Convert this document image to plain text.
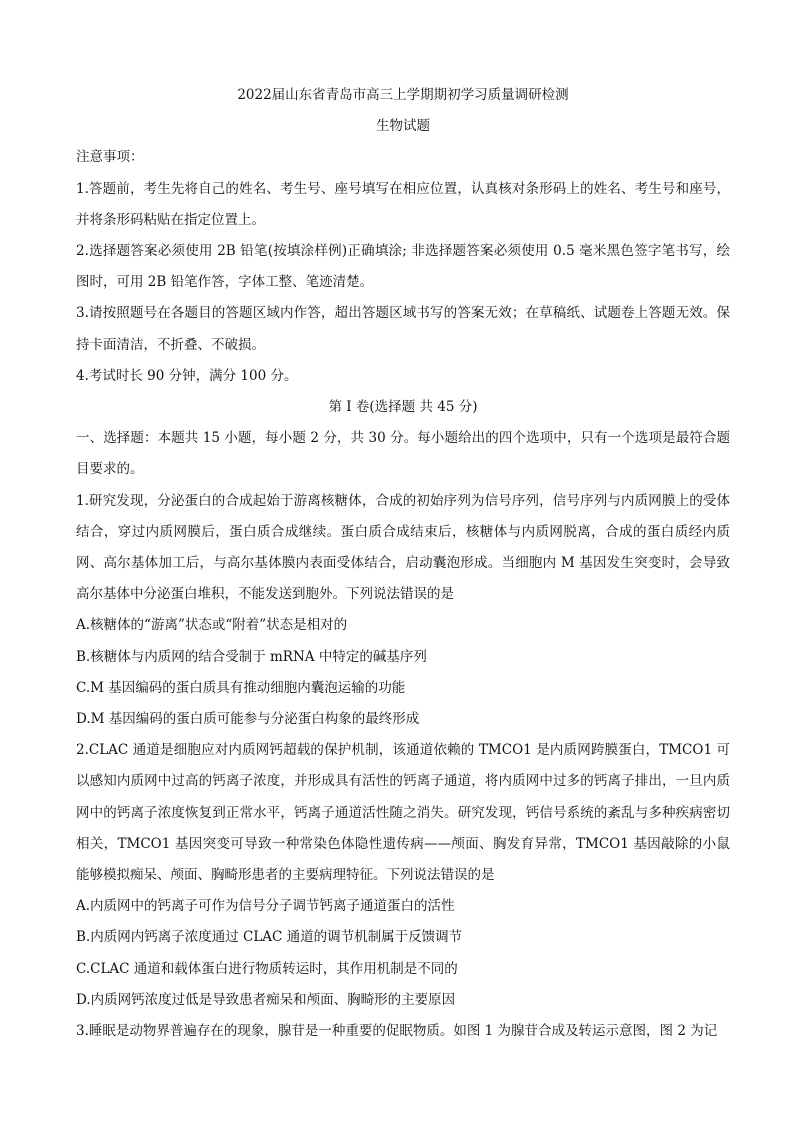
2022届山东省青岛市高三上学期期初学习质量调研检测

生物试题

注意事项：

1.答题前，考生先将自己的姓名、考生号、座号填写在相应位置，认真核对条形码上的姓名、考生号和座号，并将条形码粘贴在指定位置上。

2.选择题答案必须使用 2B 铅笔(按填涂样例)正确填涂; 非选择题答案必须使用 0.5 毫米黑色签字笔书写，绘图时，可用 2B 铅笔作答，字体工整、笔迹清楚。

3.请按照题号在各题目的答题区域内作答，超出答题区域书写的答案无效；在草稿纸、试题卷上答题无效。保持卡面清洁，不折叠、不破损。

4.考试时长 90 分钟，满分 100 分。

第 I 卷(选择题 共 45 分)

一、选择题：本题共 15 小题，每小题 2 分，共 30 分。每小题给出的四个选项中，只有一个选项是最符合题目要求的。

1.研究发现，分泌蛋白的合成起始于游离核糖体，合成的初始序列为信号序列，信号序列与内质网膜上的受体结合，穿过内质网膜后，蛋白质合成继续。蛋白质合成结束后，核糖体与内质网脱离，合成的蛋白质经内质网、高尔基体加工后，与高尔基体膜内表面受体结合，启动囊泡形成。当细胞内 M 基因发生突变时，会导致高尔基体中分泌蛋白堆积，不能发送到胞外。下列说法错误的是

A.核糖体的“游离”状态或“附着”状态是相对的

B.核糖体与内质网的结合受制于 mRNA 中特定的碱基序列

C.M 基因编码的蛋白质具有推动细胞内囊泡运输的功能

D.M 基因编码的蛋白质可能参与分泌蛋白构象的最终形成

2.CLAC 通道是细胞应对内质网钙超载的保护机制，该通道依赖的 TMCO1 是内质网跨膜蛋白，TMCO1 可以感知内质网中过高的钙离子浓度，并形成具有活性的钙离子通道，将内质网中过多的钙离子排出，一旦内质网中的钙离子浓度恢复到正常水平，钙离子通道活性随之消失。研究发现，钙信号系统的紊乱与多种疾病密切相关，TMCO1 基因突变可导致一种常染色体隐性遗传病——颅面、胸发育异常，TMCO1 基因敲除的小鼠能够模拟痴呆、颅面、胸畸形患者的主要病理特征。下列说法错误的是

A.内质网中的钙离子可作为信号分子调节钙离子通道蛋白的活性

B.内质网内钙离子浓度通过 CLAC 通道的调节机制属于反馈调节

C.CLAC 通道和载体蛋白进行物质转运时，其作用机制是不同的

D.内质网钙浓度过低是导致患者痴呆和颅面、胸畸形的主要原因

3.睡眠是动物界普遍存在的现象，腺苷是一种重要的促眠物质。如图 1 为腺苷合成及转运示意图，图 2 为记
